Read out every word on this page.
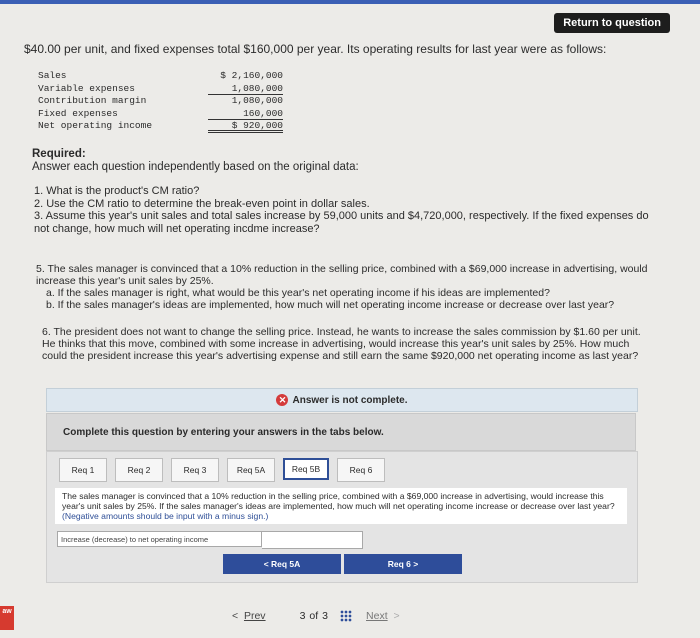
Return to question
$40.00 per unit, and fixed expenses total $160,000 per year. Its operating results for last year were as follows:
Sales	$ 2,160,000
Variable expenses	1,080,000
Contribution margin	1,080,000
Fixed expenses	160,000
Net operating income	$ 920,000
Required:
Answer each question independently based on the original data:

1. What is the product's CM ratio?

2. Use the CM ratio to determine the break-even point in dollar sales.

3. Assume this year's unit sales and total sales increase by 59,000 units and $4,720,000, respectively. If the fixed expenses do not change, how much will net operating incdme increase?

5. The sales manager is convinced that a 10% reduction in the selling price, combined with a $69,000 increase in advertising, would increase this year's unit sales by 25%.
a. If the sales manager is right, what would be this year's net operating income if his ideas are implemented?
b. If the sales manager's ideas are implemented, how much will net operating income increase or decrease over last year?
6. The president does not want to change the selling price. Instead, he wants to increase the sales commission by $1.60 per unit. He thinks that this move, combined with some increase in advertising, would increase this year's unit sales by 25%. How much could the president increase this year's advertising expense and still earn the same $920,000 net operating income as last year?
✕ Answer is not complete.
Complete this question by entering your answers in the tabs below.
Req 1	Req 2	Req 3	Req 5A	Req 5B	Req 6
The sales manager is convinced that a 10% reduction in the selling price, combined with a $69,000 increase in advertising, would increase this year's unit sales by 25%. If the sales manager's ideas are implemented, how much will net operating income increase or decrease over last year? (Negative amounts should be input with a minus sign.)
Increase (decrease) to net operating income
< Req 5A	Req 6 >
< Prev	3 of 3	Next >
aw
